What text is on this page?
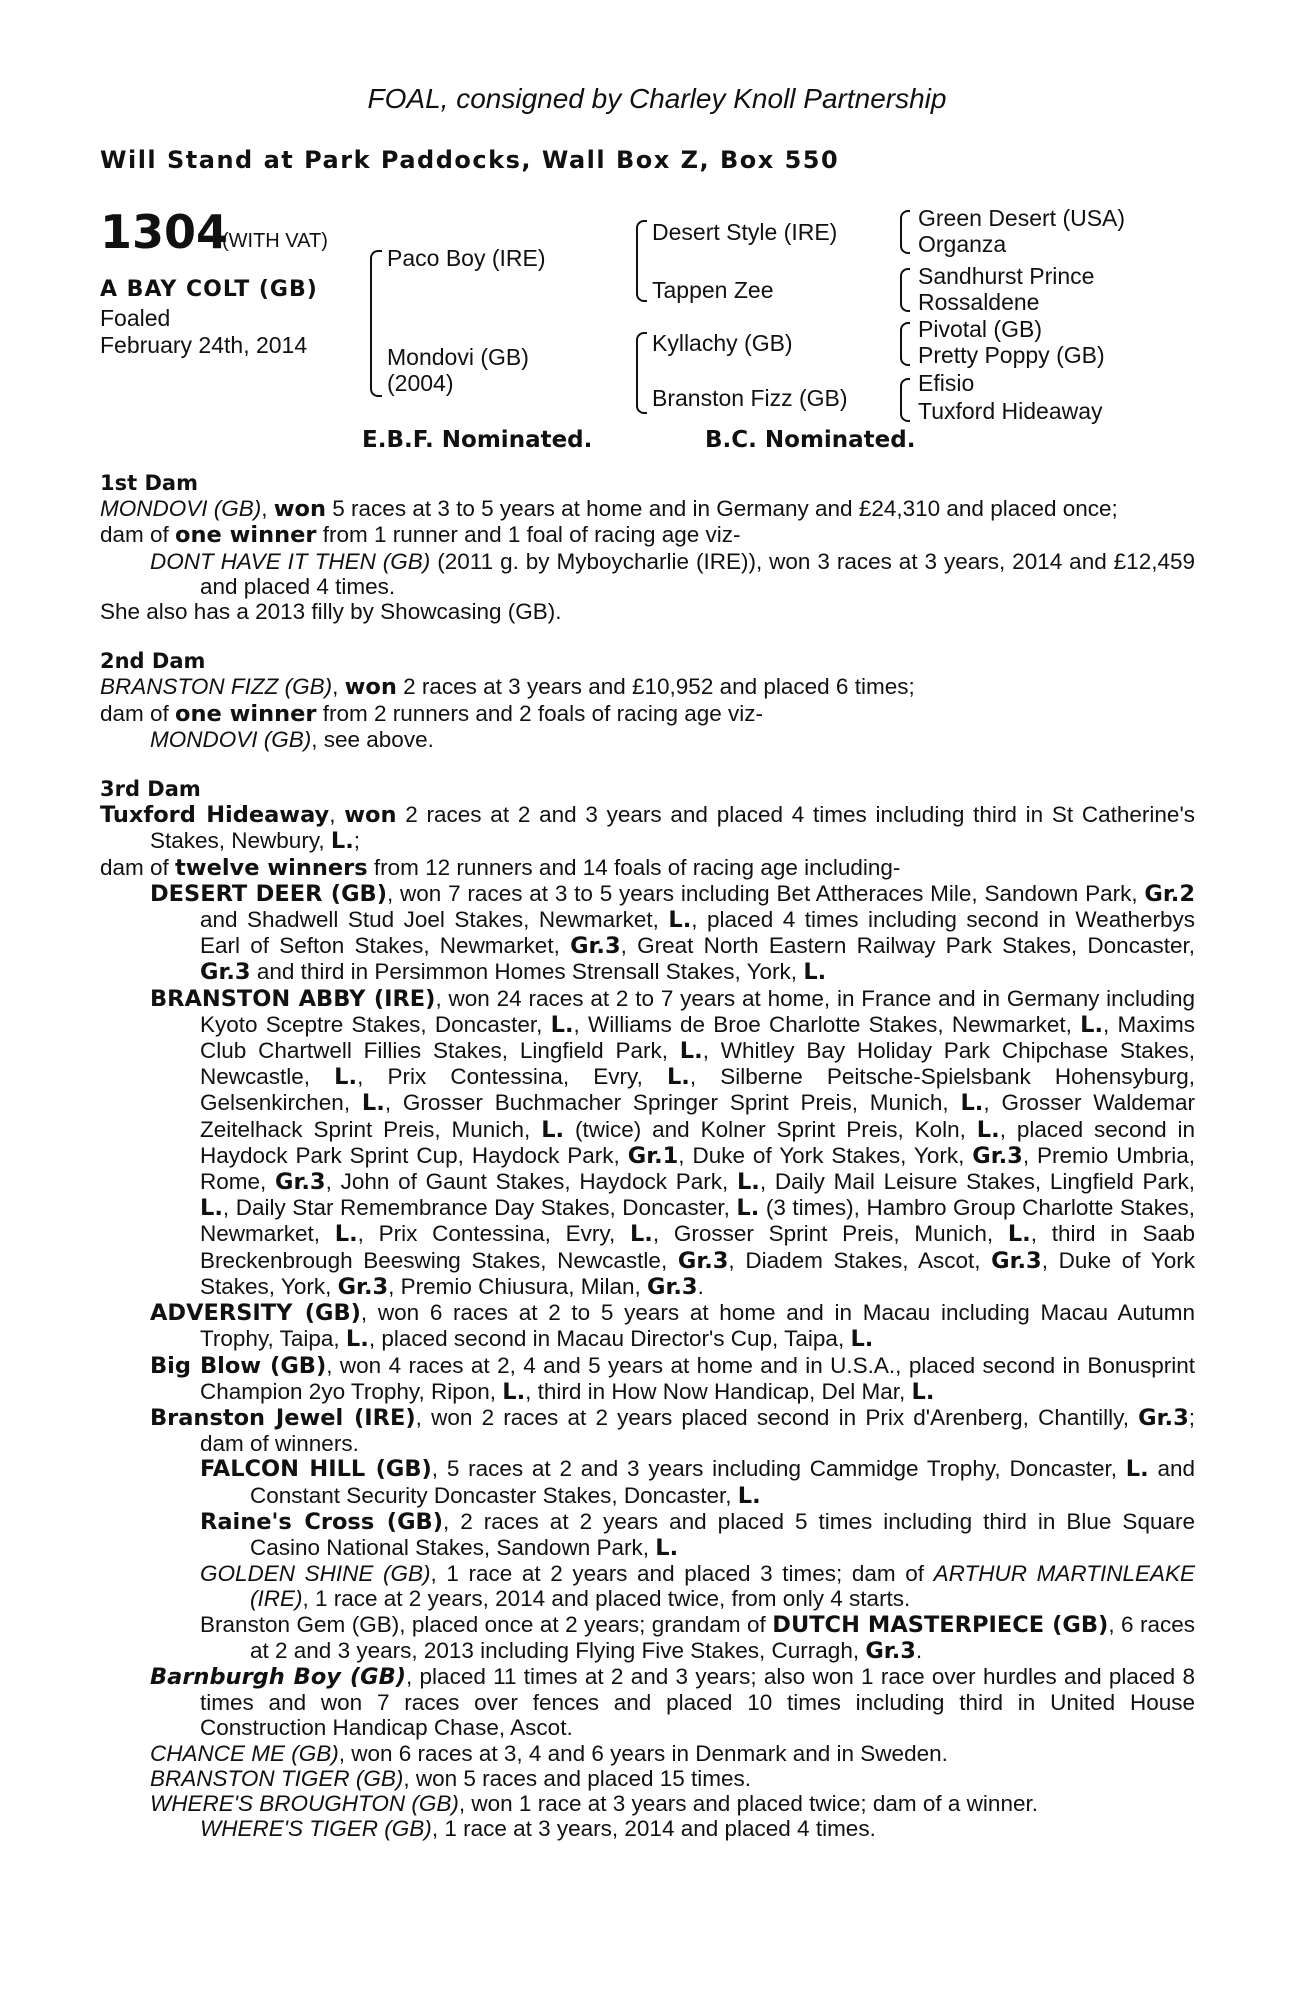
FOAL, consigned by Charley Knoll Partnership
Will Stand at Park Paddocks, Wall Box Z, Box 550
1304
(WITH VAT)
A BAY COLT (GB)
Foaled
February 24th, 2014
Paco Boy (IRE)
Mondovi (GB)
(2004)
Desert Style (IRE)
Tappen Zee
Kyllachy (GB)
Branston Fizz (GB)
Green Desert (USA)
Organza
Sandhurst Prince
Rossaldene
Pivotal (GB)
Pretty Poppy (GB)
Efisio
Tuxford Hideaway
E.B.F. Nominated.	B.C. Nominated.
1st Dam
MONDOVI (GB), won 5 races at 3 to 5 years at home and in Germany and £24,310 and placed once;
dam of one winner from 1 runner and 1 foal of racing age viz-
DONT HAVE IT THEN (GB) (2011 g. by Myboycharlie (IRE)), won 3 races at 3 years, 2014 and £12,459 and placed 4 times.
She also has a 2013 filly by Showcasing (GB).
2nd Dam
BRANSTON FIZZ (GB), won 2 races at 3 years and £10,952 and placed 6 times;
dam of one winner from 2 runners and 2 foals of racing age viz-
MONDOVI (GB), see above.
3rd Dam
Tuxford Hideaway, won 2 races at 2 and 3 years and placed 4 times including third in St Catherine's Stakes, Newbury, L.;
dam of twelve winners from 12 runners and 14 foals of racing age including-
DESERT DEER (GB), won 7 races at 3 to 5 years including Bet Attheraces Mile, Sandown Park, Gr.2 and Shadwell Stud Joel Stakes, Newmarket, L., placed 4 times including second in Weatherbys Earl of Sefton Stakes, Newmarket, Gr.3, Great North Eastern Railway Park Stakes, Doncaster, Gr.3 and third in Persimmon Homes Strensall Stakes, York, L.
BRANSTON ABBY (IRE), won 24 races at 2 to 7 years at home, in France and in Germany including Kyoto Sceptre Stakes, Doncaster, L., Williams de Broe Charlotte Stakes, Newmarket, L., Maxims Club Chartwell Fillies Stakes, Lingfield Park, L., Whitley Bay Holiday Park Chipchase Stakes, Newcastle, L., Prix Contessina, Evry, L., Silberne Peitsche-Spielsbank Hohensyburg, Gelsenkirchen, L., Grosser Buchmacher Springer Sprint Preis, Munich, L., Grosser Waldemar Zeitelhack Sprint Preis, Munich, L. (twice) and Kolner Sprint Preis, Koln, L., placed second in Haydock Park Sprint Cup, Haydock Park, Gr.1, Duke of York Stakes, York, Gr.3, Premio Umbria, Rome, Gr.3, John of Gaunt Stakes, Haydock Park, L., Daily Mail Leisure Stakes, Lingfield Park, L., Daily Star Remembrance Day Stakes, Doncaster, L. (3 times), Hambro Group Charlotte Stakes, Newmarket, L., Prix Contessina, Evry, L., Grosser Sprint Preis, Munich, L., third in Saab Breckenbrough Beeswing Stakes, Newcastle, Gr.3, Diadem Stakes, Ascot, Gr.3, Duke of York Stakes, York, Gr.3, Premio Chiusura, Milan, Gr.3.
ADVERSITY (GB), won 6 races at 2 to 5 years at home and in Macau including Macau Autumn Trophy, Taipa, L., placed second in Macau Director's Cup, Taipa, L.
Big Blow (GB), won 4 races at 2, 4 and 5 years at home and in U.S.A., placed second in Bonusprint Champion 2yo Trophy, Ripon, L., third in How Now Handicap, Del Mar, L.
Branston Jewel (IRE), won 2 races at 2 years placed second in Prix d'Arenberg, Chantilly, Gr.3; dam of winners.
FALCON HILL (GB), 5 races at 2 and 3 years including Cammidge Trophy, Doncaster, L. and Constant Security Doncaster Stakes, Doncaster, L.
Raine's Cross (GB), 2 races at 2 years and placed 5 times including third in Blue Square Casino National Stakes, Sandown Park, L.
GOLDEN SHINE (GB), 1 race at 2 years and placed 3 times; dam of ARTHUR MARTINLEAKE (IRE), 1 race at 2 years, 2014 and placed twice, from only 4 starts.
Branston Gem (GB), placed once at 2 years; grandam of DUTCH MASTERPIECE (GB), 6 races at 2 and 3 years, 2013 including Flying Five Stakes, Curragh, Gr.3.
Barnburgh Boy (GB), placed 11 times at 2 and 3 years; also won 1 race over hurdles and placed 8 times and won 7 races over fences and placed 10 times including third in United House Construction Handicap Chase, Ascot.
CHANCE ME (GB), won 6 races at 3, 4 and 6 years in Denmark and in Sweden.
BRANSTON TIGER (GB), won 5 races and placed 15 times.
WHERE'S BROUGHTON (GB), won 1 race at 3 years and placed twice; dam of a winner.
WHERE'S TIGER (GB), 1 race at 3 years, 2014 and placed 4 times.
